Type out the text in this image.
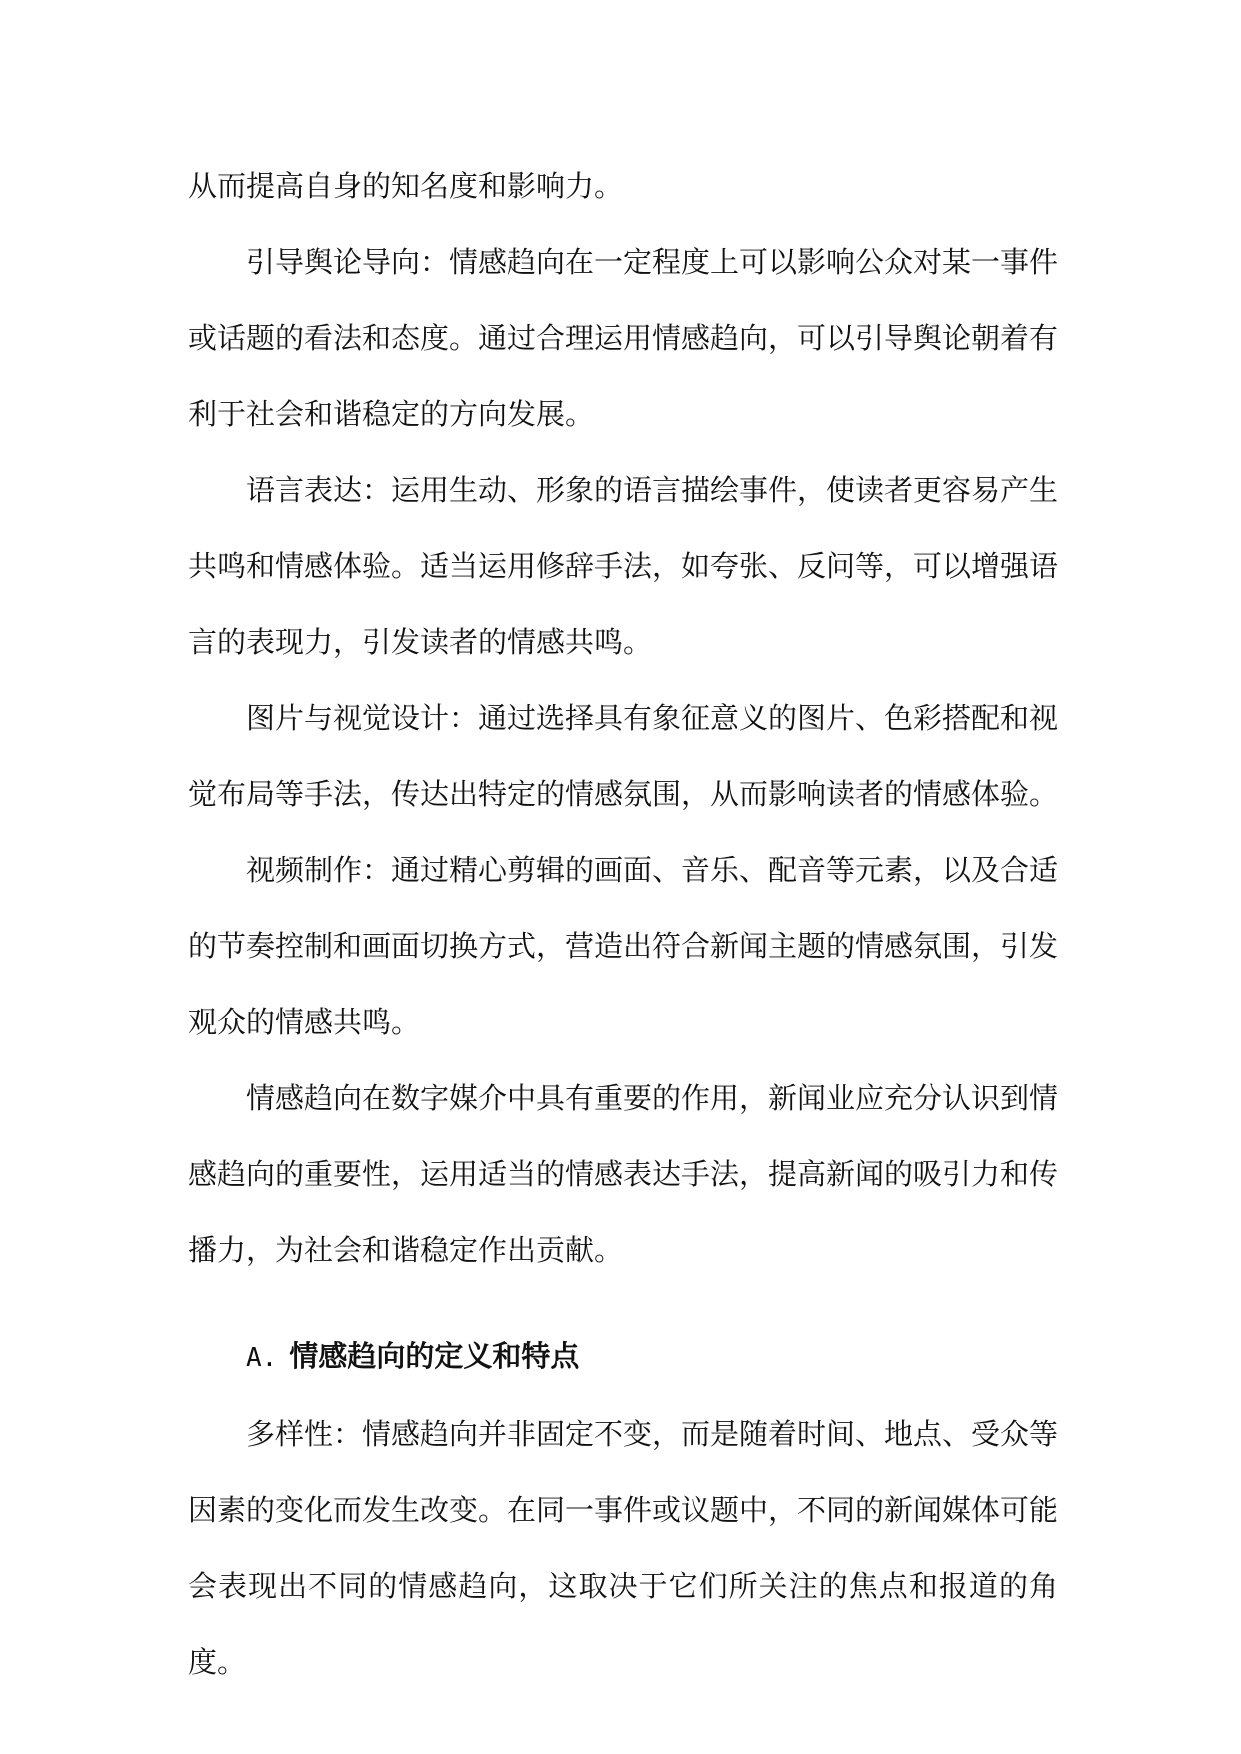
从而提高自身的知名度和影响力。

引导舆论导向：情感趋向在一定程度上可以影响公众对某一事件或话题的看法和态度。通过合理运用情感趋向，可以引导舆论朝着有利于社会和谐稳定的方向发展。

语言表达：运用生动、形象的语言描绘事件，使读者更容易产生共鸣和情感体验。适当运用修辞手法，如夸张、反问等，可以增强语言的表现力，引发读者的情感共鸣。

图片与视觉设计：通过选择具有象征意义的图片、色彩搭配和视觉布局等手法，传达出特定的情感氛围，从而影响读者的情感体验。

视频制作：通过精心剪辑的画面、音乐、配音等元素，以及合适的节奏控制和画面切换方式，营造出符合新闻主题的情感氛围，引发观众的情感共鸣。

情感趋向在数字媒介中具有重要的作用，新闻业应充分认识到情感趋向的重要性，运用适当的情感表达手法，提高新闻的吸引力和传播力，为社会和谐稳定作出贡献。

A. 情感趋向的定义和特点

多样性：情感趋向并非固定不变，而是随着时间、地点、受众等因素的变化而发生改变。在同一事件或议题中，不同的新闻媒体可能会表现出不同的情感趋向，这取决于它们所关注的焦点和报道的角度。
